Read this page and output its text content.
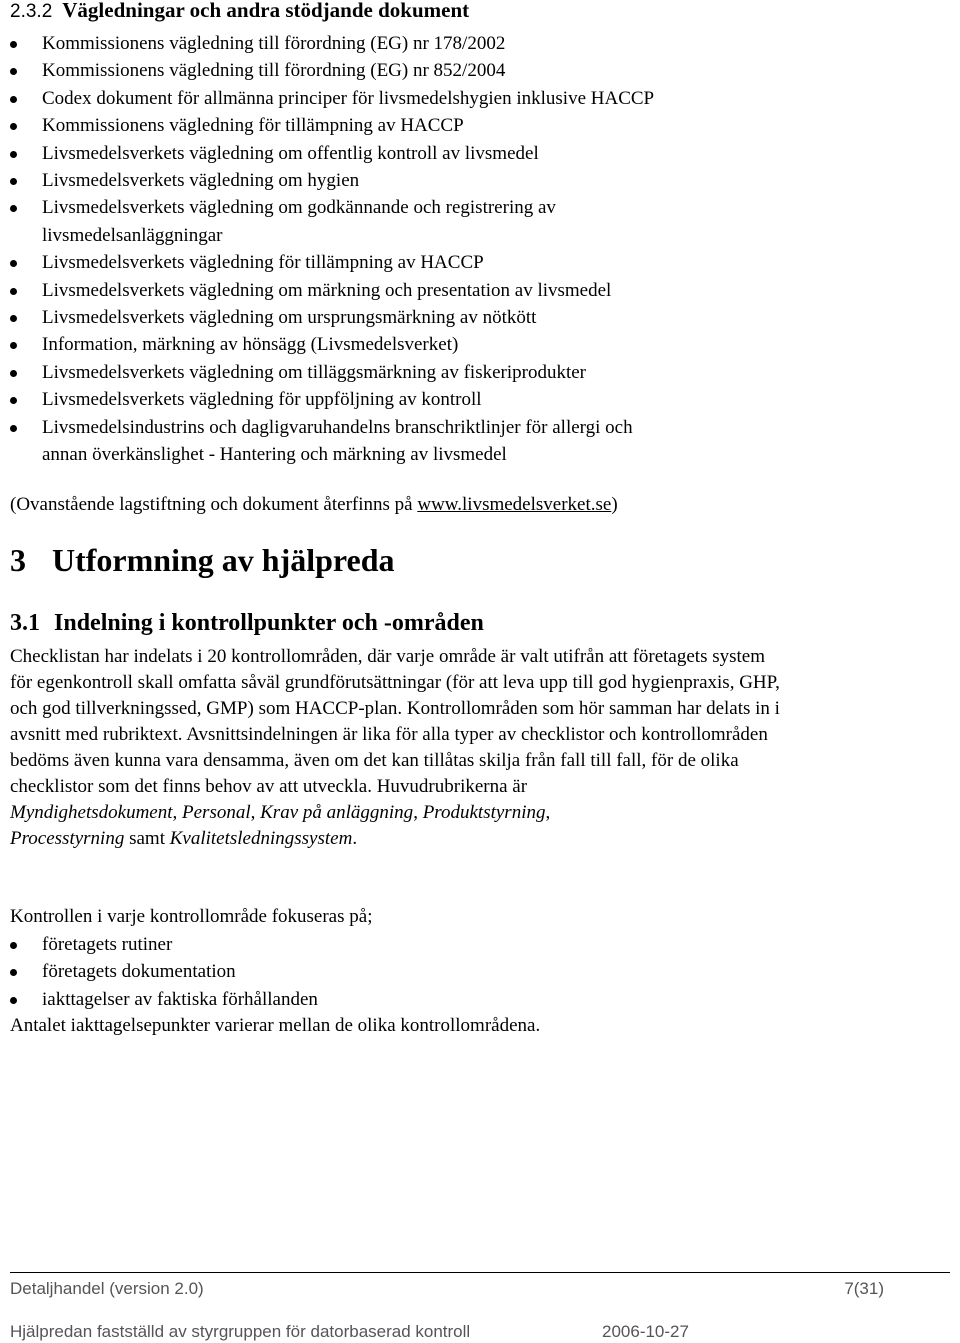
2.3.2 Vägledningar och andra stödjande dokument
Kommissionens vägledning till förordning (EG) nr 178/2002
Kommissionens vägledning till förordning (EG) nr 852/2004
Codex dokument för allmänna principer för livsmedelshygien inklusive HACCP
Kommissionens vägledning för tillämpning av HACCP
Livsmedelsverkets vägledning om offentlig kontroll av livsmedel
Livsmedelsverkets vägledning om hygien
Livsmedelsverkets vägledning om godkännande och registrering av
livsmedelsanläggningar
Livsmedelsverkets vägledning för tillämpning av HACCP
Livsmedelsverkets vägledning om märkning och presentation av livsmedel
Livsmedelsverkets vägledning om ursprungsmärkning av nötkött
Information, märkning av hönsägg (Livsmedelsverket)
Livsmedelsverkets vägledning om tilläggsmärkning av fiskeriprodukter
Livsmedelsverkets vägledning för uppföljning av kontroll
Livsmedelsindustrins och dagligvaruhandelns branschriktlinjer för allergi och
annan överkänslighet - Hantering och märkning av livsmedel
(Ovanstående lagstiftning och dokument återfinns på www.livsmedelsverket.se)
3 Utformning av hjälpreda
3.1 Indelning i kontrollpunkter och -områden
Checklistan har indelats i 20 kontrollområden, där varje område är valt utifrån att företagets system för egenkontroll skall omfatta såväl grundförutsättningar (för att leva upp till god hygienpraxis, GHP, och god tillverkningssed, GMP) som HACCP-plan. Kontrollområden som hör samman har delats in i avsnitt med rubriktext. Avsnittsindelningen är lika för alla typer av checklistor och kontrollområden bedöms även kunna vara densamma, även om det kan tillåtas skilja från fall till fall, för de olika checklistor som det finns behov av att utveckla. Huvudrubrikerna är
Myndighetsdokument, Personal, Krav på anläggning, Produktstyrning,
Processtyrning samt Kvalitetsledningssystem.
Kontrollen i varje kontrollområde fokuseras på;
företagets rutiner
företagets dokumentation
iakttagelser av faktiska förhållanden
Antalet iakttagelsepunkter varierar mellan de olika kontrollområdena.
Detaljhandel (version 2.0)	7(31)
Hjälpredan fastställd av styrgruppen för datorbaserad kontroll	2006-10-27
